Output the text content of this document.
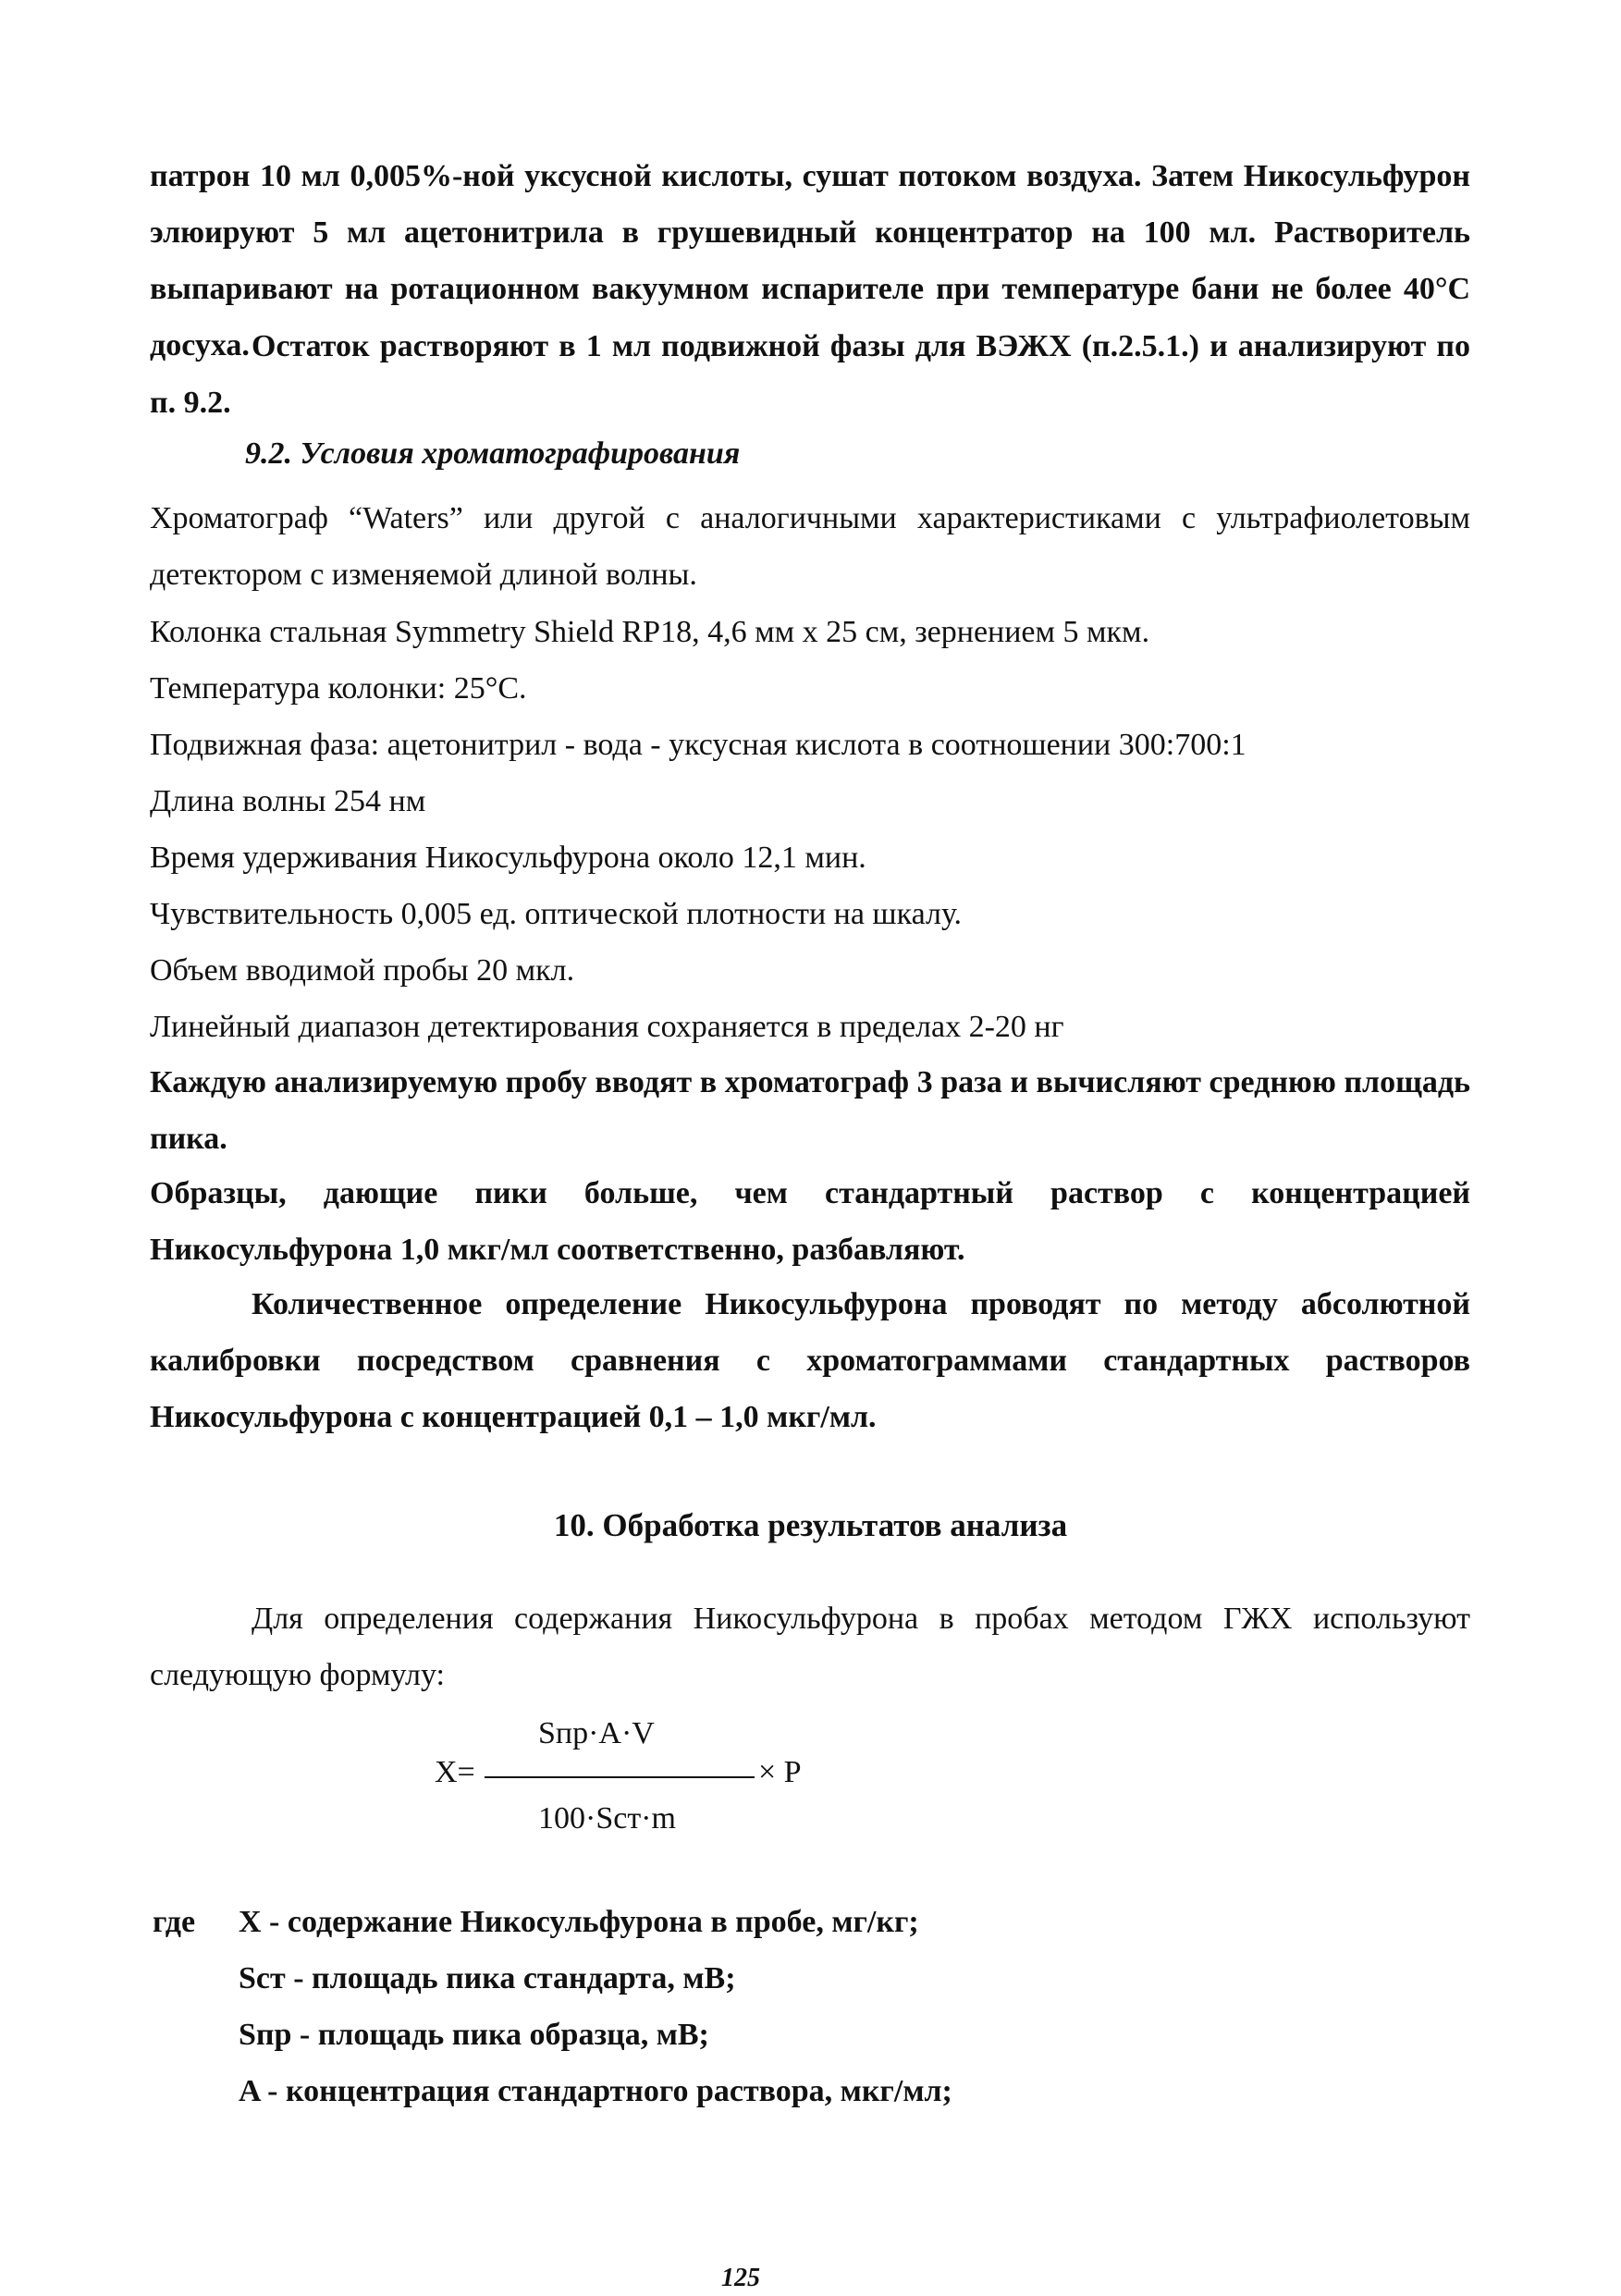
патрон 10 мл 0,005%-ной уксусной кислоты, сушат потоком воздуха. Затем Никосульфурон элюируют 5 мл ацетонитрила в грушевидный концентратор на 100 мл. Растворитель выпаривают на ротационном вакуумном испарителе при температуре бани не более 40°С досуха. Остаток растворяют в 1 мл подвижной фазы для ВЭЖХ (п.2.5.1.) и анализируют по п. 9.2.

9.2. Условия хроматографирования

Хроматограф “Waters” или другой с аналогичными характеристиками с ультрафиолетовым детектором с изменяемой длиной волны.

Колонка стальная Symmetry Shield RP18, 4,6 мм х 25 см, зернением 5 мкм.

Температура колонки: 25°С.

Подвижная фаза: ацетонитрил - вода - уксусная кислота в соотношении 300:700:1

Длина волны 254 нм

Время удерживания Никосульфурона около 12,1 мин.

Чувствительность 0,005 ед. оптической плотности на шкалу.

Объем вводимой пробы 20 мкл.

Линейный диапазон детектирования сохраняется в пределах 2-20 нг

Каждую анализируемую пробу вводят в хроматограф 3 раза и вычисляют среднюю площадь пика.

Образцы, дающие пики больше, чем стандартный раствор с концентрацией Никосульфурона 1,0 мкг/мл соответственно, разбавляют.

Количественное определение Никосульфурона проводят по методу абсолютной калибровки посредством сравнения с хроматограммами стандартных растворов Никосульфурона с концентрацией 0,1 – 1,0 мкг/мл.

10. Обработка результатов анализа

Для определения содержания Никосульфурона в пробах методом ГЖХ используют следующую формулу:

Sпр·A·V
X=	× P
100·Sст·m
где X - содержание Никосульфурона в пробе, мг/кг;
Sст - площадь пика стандарта, мВ;
Sпр - площадь пика образца, мВ;
A - концентрация стандартного раствора, мкг/мл;
125
